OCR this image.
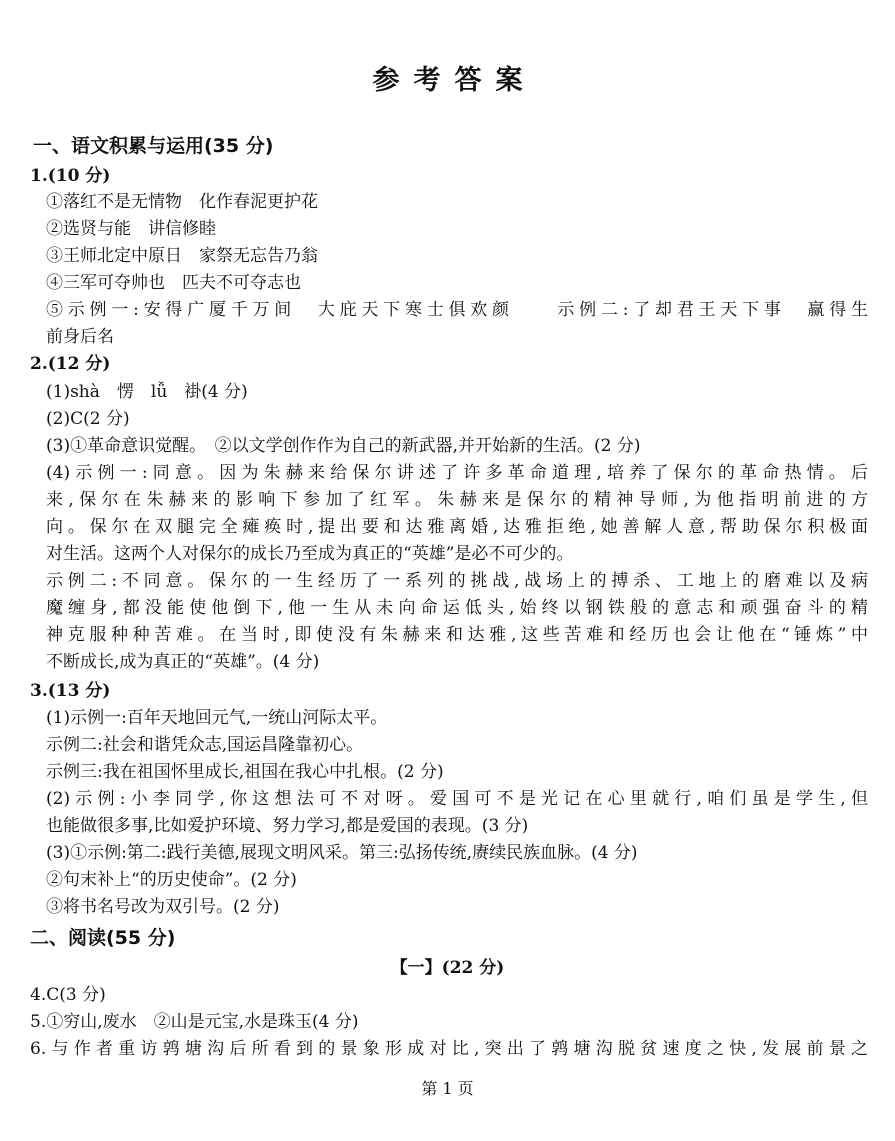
参考答案
一、语文积累与运用(35 分)
1.(10 分)
①落红不是无情物　化作春泥更护花
②选贤与能　讲信修睦
③王师北定中原日　家祭无忘告乃翁
④三军可夺帅也　匹夫不可夺志也
⑤示例一:安得广厦千万间　大庇天下寒士俱欢颜　　示例二:了却君王天下事　赢得生
前身后名
2.(12 分)
(1)shà　愣　lǚ　褂(4 分)
(2)C(2 分)
(3)①革命意识觉醒。　②以文学创作作为自己的新武器,并开始新的生活。(2 分)
(4)示例一:同意。因为朱赫来给保尔讲述了许多革命道理,培养了保尔的革命热情。后
来,保尔在朱赫来的影响下参加了红军。朱赫来是保尔的精神导师,为他指明前进的方
向。保尔在双腿完全瘫痪时,提出要和达雅离婚,达雅拒绝,她善解人意,帮助保尔积极面
对生活。这两个人对保尔的成长乃至成为真正的“英雄”是必不可少的。
示例二:不同意。保尔的一生经历了一系列的挑战,战场上的搏杀、工地上的磨难以及病
魔缠身,都没能使他倒下,他一生从未向命运低头,始终以钢铁般的意志和顽强奋斗的精
神克服种种苦难。在当时,即使没有朱赫来和达雅,这些苦难和经历也会让他在“锤炼”中
不断成长,成为真正的“英雄”。(4 分)
3.(13 分)
(1)示例一:百年天地回元气,一统山河际太平。
示例二:社会和谐凭众志,国运昌隆靠初心。
示例三:我在祖国怀里成长,祖国在我心中扎根。(2 分)
(2)示例:小李同学,你这想法可不对呀。爱国可不是光记在心里就行,咱们虽是学生,但
也能做很多事,比如爱护环境、努力学习,都是爱国的表现。(3 分)
(3)①示例:第二:践行美德,展现文明风采。第三:弘扬传统,赓续民族血脉。(4 分)
②句末补上“的历史使命”。(2 分)
③将书名号改为双引号。(2 分)
二、阅读(55 分)
【一】(22 分)
4.C(3 分)
5.①穷山,废水　②山是元宝,水是珠玉(4 分)
6.与作者重访鹑塘沟后所看到的景象形成对比,突出了鹑塘沟脱贫速度之快,发展前景之
第 1 页
